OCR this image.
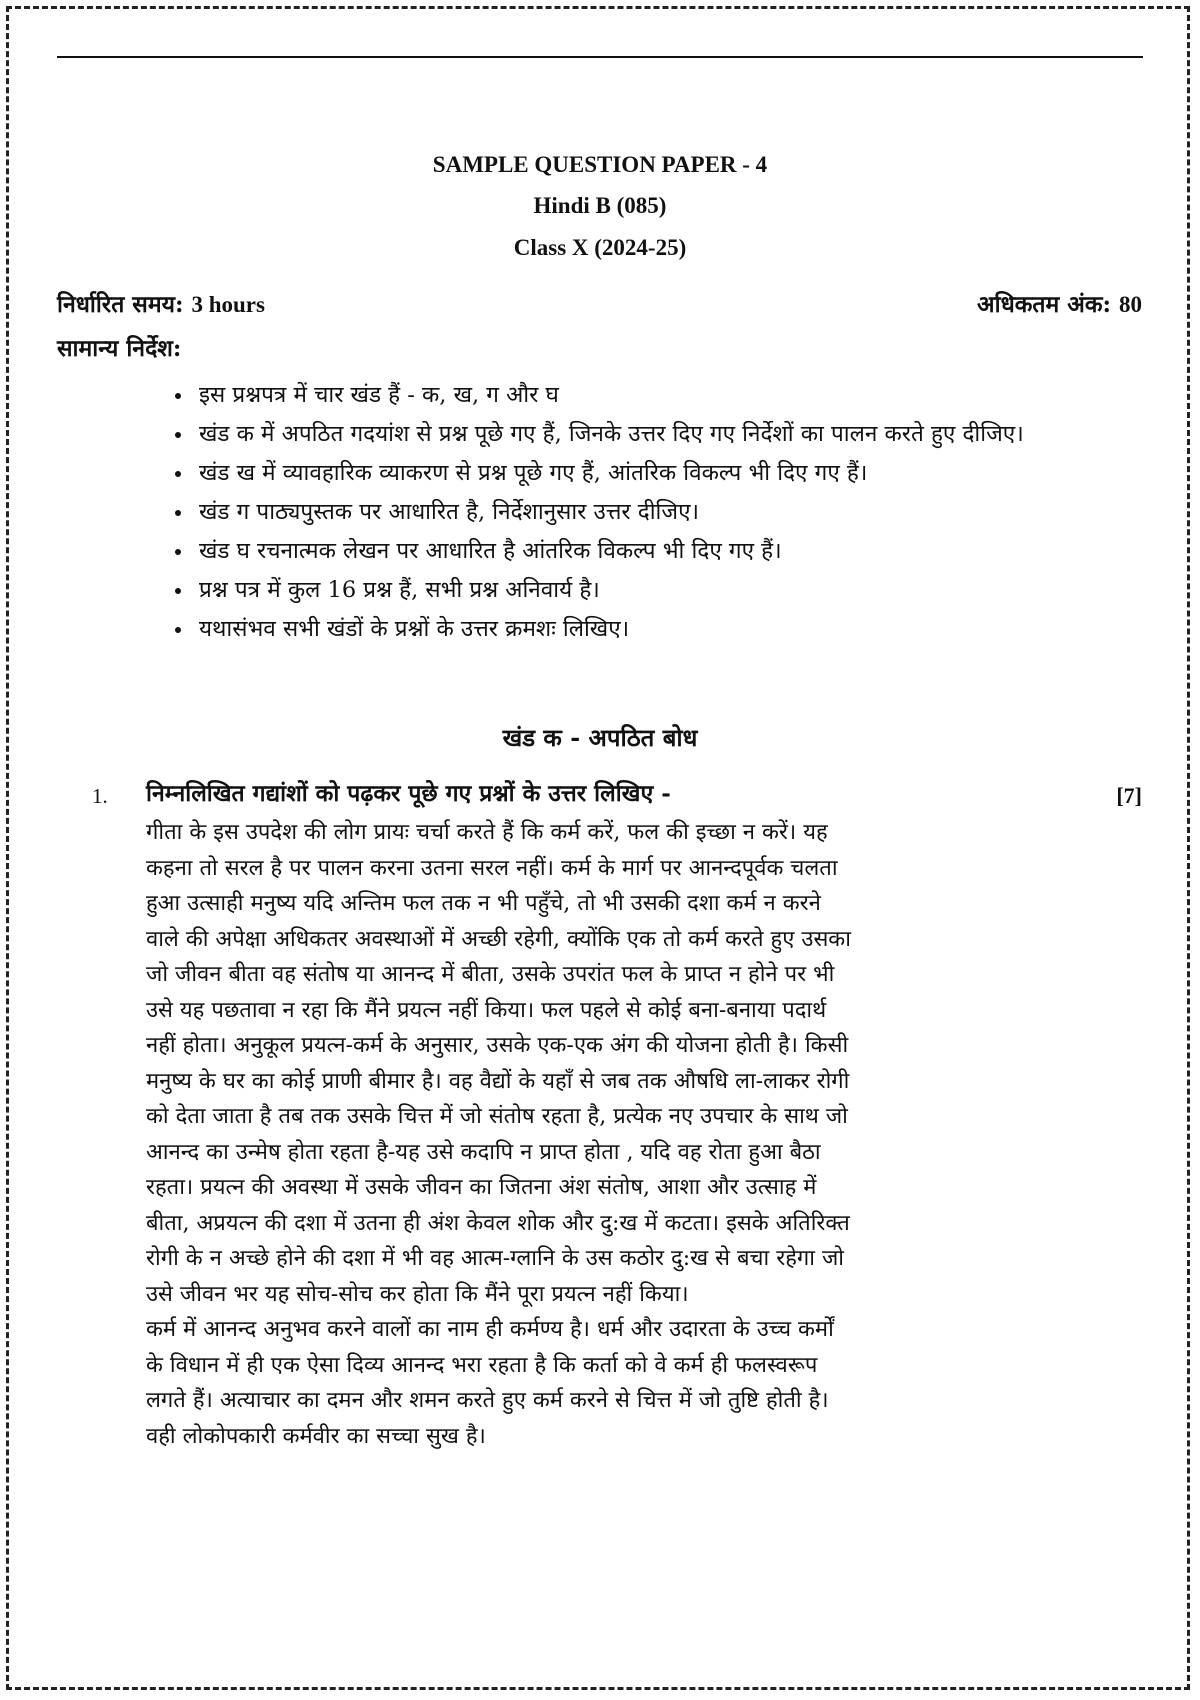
SAMPLE QUESTION PAPER - 4
Hindi B (085)
Class X (2024-25)
निर्धारित समय: 3 hours	अधिकतम अंक: 80
सामान्य निर्देश:
इस प्रश्नपत्र में चार खंड हैं - क, ख, ग और घ
खंड क में अपठित गदयांश से प्रश्न पूछे गए हैं, जिनके उत्तर दिए गए निर्देशों का पालन करते हुए दीजिए।
खंड ख में व्यावहारिक व्याकरण से प्रश्न पूछे गए हैं, आंतरिक विकल्प भी दिए गए हैं।
खंड ग पाठ्यपुस्तक पर आधारित है, निर्देशानुसार उत्तर दीजिए।
खंड घ रचनात्मक लेखन पर आधारित है आंतरिक विकल्प भी दिए गए हैं।
प्रश्न पत्र में कुल 16 प्रश्न हैं, सभी प्रश्न अनिवार्य है।
यथासंभव सभी खंडों के प्रश्नों के उत्तर क्रमशः लिखिए।
खंड क - अपठित बोध
1. निम्नलिखित गद्यांशों को पढ़कर पूछे गए प्रश्नों के उत्तर लिखिए -	[7]
गीता के इस उपदेश की लोग प्रायः चर्चा करते हैं कि कर्म करें, फल की इच्छा न करें। यह
कहना तो सरल है पर पालन करना उतना सरल नहीं। कर्म के मार्ग पर आनन्दपूर्वक चलता
हुआ उत्साही मनुष्य यदि अन्तिम फल तक न भी पहुँचे, तो भी उसकी दशा कर्म न करने
वाले की अपेक्षा अधिकतर अवस्थाओं में अच्छी रहेगी, क्योंकि एक तो कर्म करते हुए उसका
जो जीवन बीता वह संतोष या आनन्द में बीता, उसके उपरांत फल के प्राप्त न होने पर भी
उसे यह पछतावा न रहा कि मैंने प्रयत्न नहीं किया। फल पहले से कोई बना-बनाया पदार्थ
नहीं होता। अनुकूल प्रयत्न-कर्म के अनुसार, उसके एक-एक अंग की योजना होती है। किसी
मनुष्य के घर का कोई प्राणी बीमार है। वह वैद्यों के यहाँ से जब तक औषधि ला-लाकर रोगी
को देता जाता है तब तक उसके चित्त में जो संतोष रहता है, प्रत्येक नए उपचार के साथ जो
आनन्द का उन्मेष होता रहता है-यह उसे कदापि न प्राप्त होता , यदि वह रोता हुआ बैठा
रहता। प्रयत्न की अवस्था में उसके जीवन का जितना अंश संतोष, आशा और उत्साह में
बीता, अप्रयत्न की दशा में उतना ही अंश केवल शोक और दु:ख में कटता। इसके अतिरिक्त
रोगी के न अच्छे होने की दशा में भी वह आत्म-ग्लानि के उस कठोर दु:ख से बचा रहेगा जो
उसे जीवन भर यह सोच-सोच कर होता कि मैंने पूरा प्रयत्न नहीं किया।
कर्म में आनन्द अनुभव करने वालों का नाम ही कर्मण्य है। धर्म और उदारता के उच्च कर्मों
के विधान में ही एक ऐसा दिव्य आनन्द भरा रहता है कि कर्ता को वे कर्म ही फलस्वरूप
लगते हैं। अत्याचार का दमन और शमन करते हुए कर्म करने से चित्त में जो तुष्टि होती है।
वही लोकोपकारी कर्मवीर का सच्चा सुख है।
